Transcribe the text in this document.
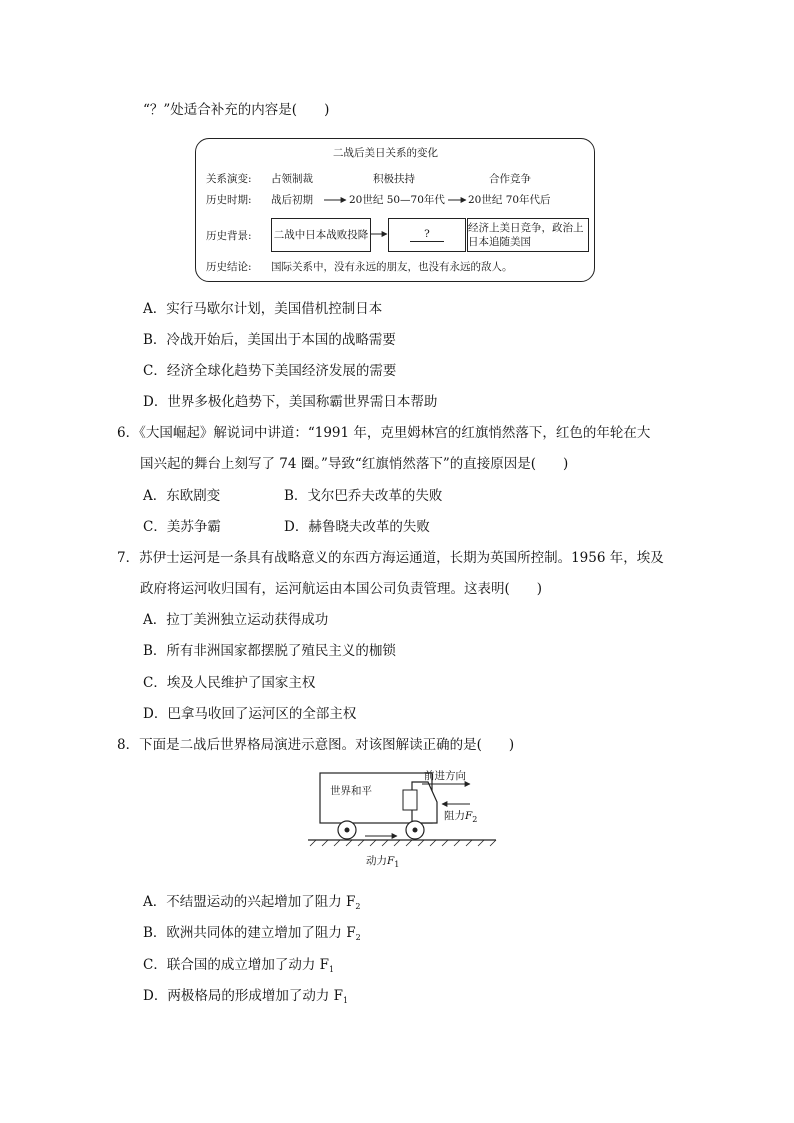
“？”处适合补充的内容是(　　)
二战后美日关系的变化
关系演变: 占领制裁	积极扶持	合作竞争
历史时期: 战后初期	20世纪 50—70年代 20世纪 70年代后
历史背景: 二战中日本战败投降	?	经济上美日竞争，政治上日本追随美国
历史结论: 国际关系中，没有永远的朋友，也没有永远的敌人。
A．实行马歇尔计划，美国借机控制日本
B．冷战开始后，美国出于本国的战略需要
C．经济全球化趋势下美国经济发展的需要
D．世界多极化趋势下，美国称霸世界需日本帮助
6．《大国崛起》解说词中讲道：“1991 年，克里姆林宫的红旗悄然落下，红色的年轮在大
国兴起的舞台上刻写了 74 圈。”导致“红旗悄然落下”的直接原因是(　　)
A．东欧剧变	B．戈尔巴乔夫改革的失败
C．美苏争霸	D．赫鲁晓夫改革的失败
7．苏伊士运河是一条具有战略意义的东西方海运通道，长期为英国所控制。1956 年，埃及
政府将运河收归国有，运河航运由本国公司负责管理。这表明(　　)
A．拉丁美洲独立运动获得成功
B．所有非洲国家都摆脱了殖民主义的枷锁
C．埃及人民维护了国家主权
D．巴拿马收回了运河区的全部主权
8．下面是二战后世界格局演进示意图。对该图解读正确的是(　　)
世界和平
前进方向
阻力$F_2$
动力$F_1$
A．不结盟运动的兴起增加了阻力 $F_2$
B．欧洲共同体的建立增加了阻力 $F_2$
C．联合国的成立增加了动力 $F_1$
D．两极格局的形成增加了动力 $F_1$
